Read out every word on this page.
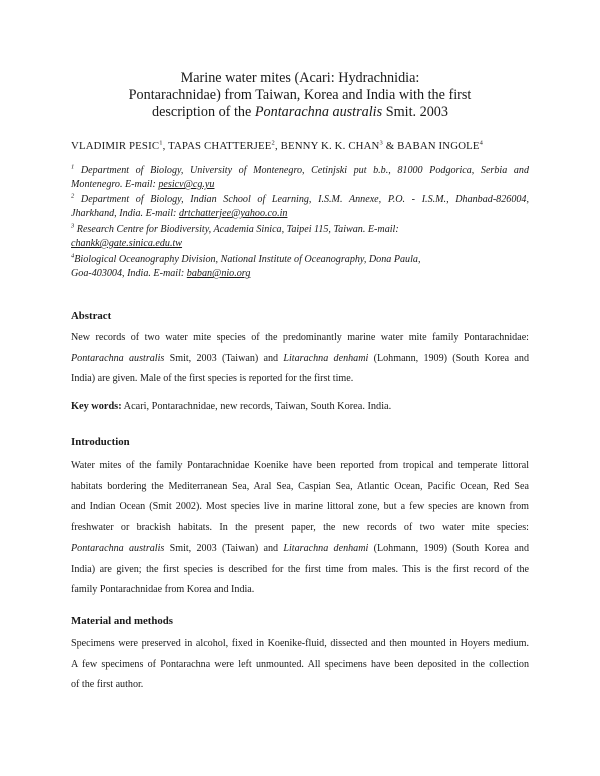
Marine water mites (Acari: Hydrachnidia:
Pontarachnidae) from Taiwan, Korea and India with the first
description of the Pontarachna australis Smit. 2003
VLADIMIR PESIC$^1$, TAPAS CHATTERJEE$^2$, BENNY K. K. CHAN$^3$ & BABAN INGOLE$^4$
$^1$ Department of Biology, University of Montenegro, Cetinjski put b.b., 81000 Podgorica, Serbia and
Montenegro. E-mail: pesicv@cg.yu
$^2$ Department of Biology, Indian School of Learning, I.S.M. Annexe, P.O. - I.S.M., Dhanbad-826004,
Jharkhand, India. E-mail: drtchatterjee@yahoo.co.in
$^3$ Research Centre for Biodiversity, Academia Sinica, Taipei 115, Taiwan. E-mail:
chankk@gate.sinica.edu.tw
$^4$Biological Oceanography Division, National Institute of Oceanography, Dona Paula,
Goa-403004, India. E-mail: baban@nio.org
Abstract
New records of two water mite species of the predominantly marine water mite family Pontarachnidae:
Pontarachna australis Smit, 2003 (Taiwan) and Litarachna denhami (Lohmann, 1909) (South Korea and
India) are given. Male of the first species is reported for the first time.
Key words: Acari, Pontarachnidae, new records, Taiwan, South Korea. India.
Introduction
Water mites of the family Pontarachnidae Koenike have been reported from tropical and temperate littoral
habitats bordering the Mediterranean Sea, Aral Sea, Caspian Sea, Atlantic Ocean, Pacific Ocean, Red Sea
and Indian Ocean (Smit 2002). Most species live in marine littoral zone, but a few species are known from
freshwater or brackish habitats. In the present paper, the new records of two water mite species:
Pontarachna australis Smit, 2003 (Taiwan) and Litarachna denhami (Lohmann, 1909) (South Korea and
India) are given; the first species is described for the first time from males. This is the first record of the
family Pontarachnidae from Korea and India.
Material and methods
Specimens were preserved in alcohol, fixed in Koenike-fluid, dissected and then mounted in Hoyers medium.
A few specimens of Pontarachna were left unmounted. All specimens have been deposited in the collection
of the first author.
